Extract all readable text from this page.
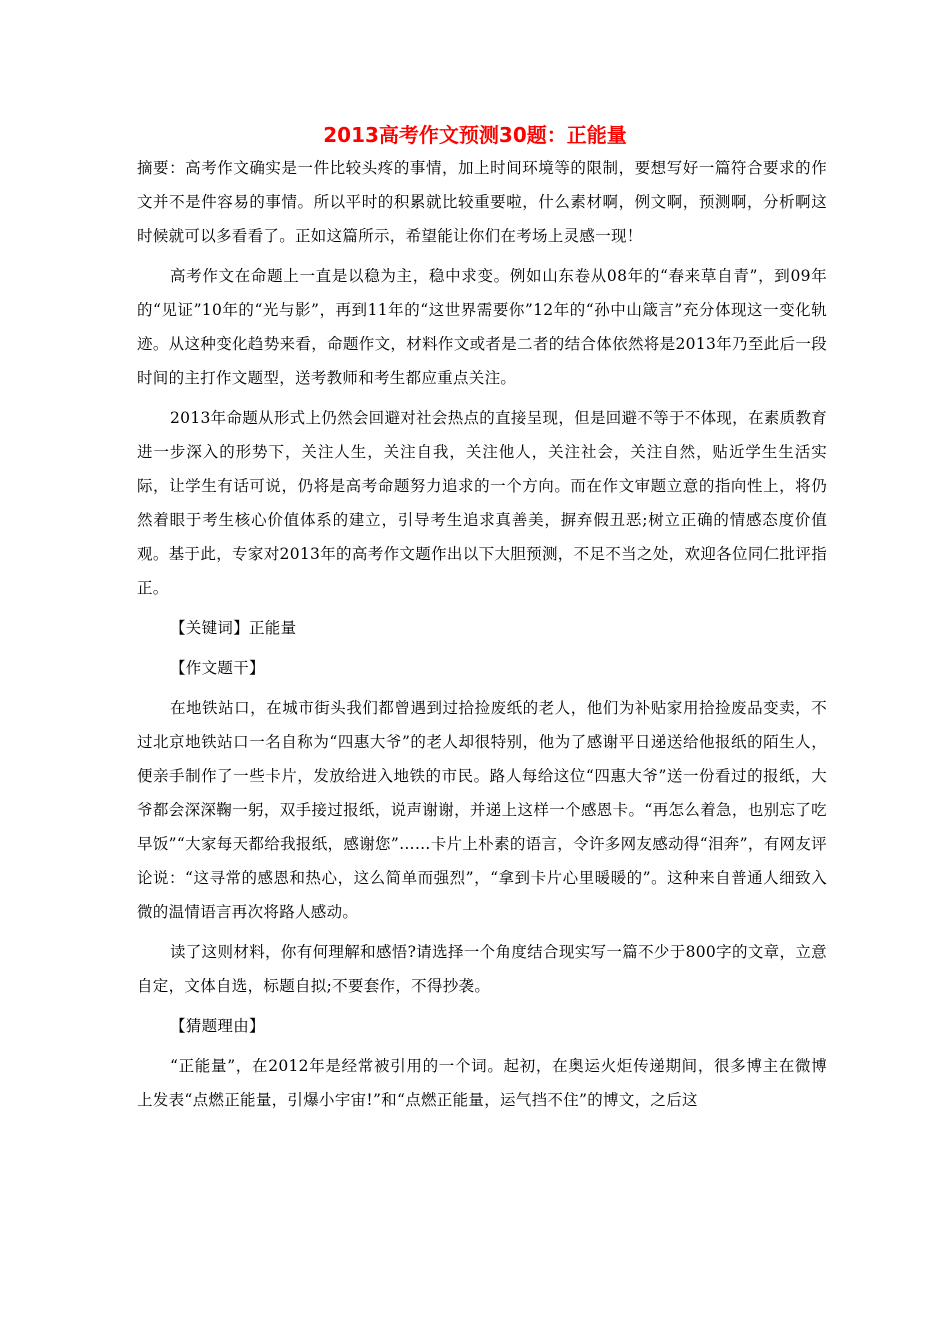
2013高考作文预测30题：正能量

摘要：高考作文确实是一件比较头疼的事情，加上时间环境等的限制，要想写好一篇符合要求的作文并不是件容易的事情。所以平时的积累就比较重要啦，什么素材啊，例文啊，预测啊，分析啊这时候就可以多看看了。正如这篇所示，希望能让你们在考场上灵感一现！

高考作文在命题上一直是以稳为主，稳中求变。例如山东卷从08年的“春来草自青”，到09年的“见证”10年的“光与影”，再到11年的“这世界需要你”12年的“孙中山箴言”充分体现这一变化轨迹。从这种变化趋势来看，命题作文，材料作文或者是二者的结合体依然将是2013年乃至此后一段时间的主打作文题型，送考教师和考生都应重点关注。

2013年命题从形式上仍然会回避对社会热点的直接呈现，但是回避不等于不体现，在素质教育进一步深入的形势下，关注人生，关注自我，关注他人，关注社会，关注自然，贴近学生生活实际，让学生有话可说，仍将是高考命题努力追求的一个方向。而在作文审题立意的指向性上，将仍然着眼于考生核心价值体系的建立，引导考生追求真善美，摒弃假丑恶;树立正确的情感态度价值观。基于此，专家对2013年的高考作文题作出以下大胆预测，不足不当之处，欢迎各位同仁批评指正。

【关键词】正能量

【作文题干】

在地铁站口，在城市街头我们都曾遇到过拾捡废纸的老人，他们为补贴家用拾捡废品变卖，不过北京地铁站口一名自称为“四惠大爷”的老人却很特别，他为了感谢平日递送给他报纸的陌生人，便亲手制作了一些卡片，发放给进入地铁的市民。路人每给这位“四惠大爷”送一份看过的报纸，大爷都会深深鞠一躬，双手接过报纸，说声谢谢，并递上这样一个感恩卡。“再怎么着急，也别忘了吃早饭”“大家每天都给我报纸，感谢您”……卡片上朴素的语言，令许多网友感动得“泪奔”，有网友评论说：“这寻常的感恩和热心，这么简单而强烈”，“拿到卡片心里暖暖的”。这种来自普通人细致入微的温情语言再次将路人感动。

读了这则材料，你有何理解和感悟?请选择一个角度结合现实写一篇不少于800字的文章，立意自定，文体自选，标题自拟;不要套作，不得抄袭。

【猜题理由】

“正能量”，在2012年是经常被引用的一个词。起初，在奥运火炬传递期间，很多博主在微博上发表“点燃正能量，引爆小宇宙!”和“点燃正能量，运气挡不住”的博文，之后这
